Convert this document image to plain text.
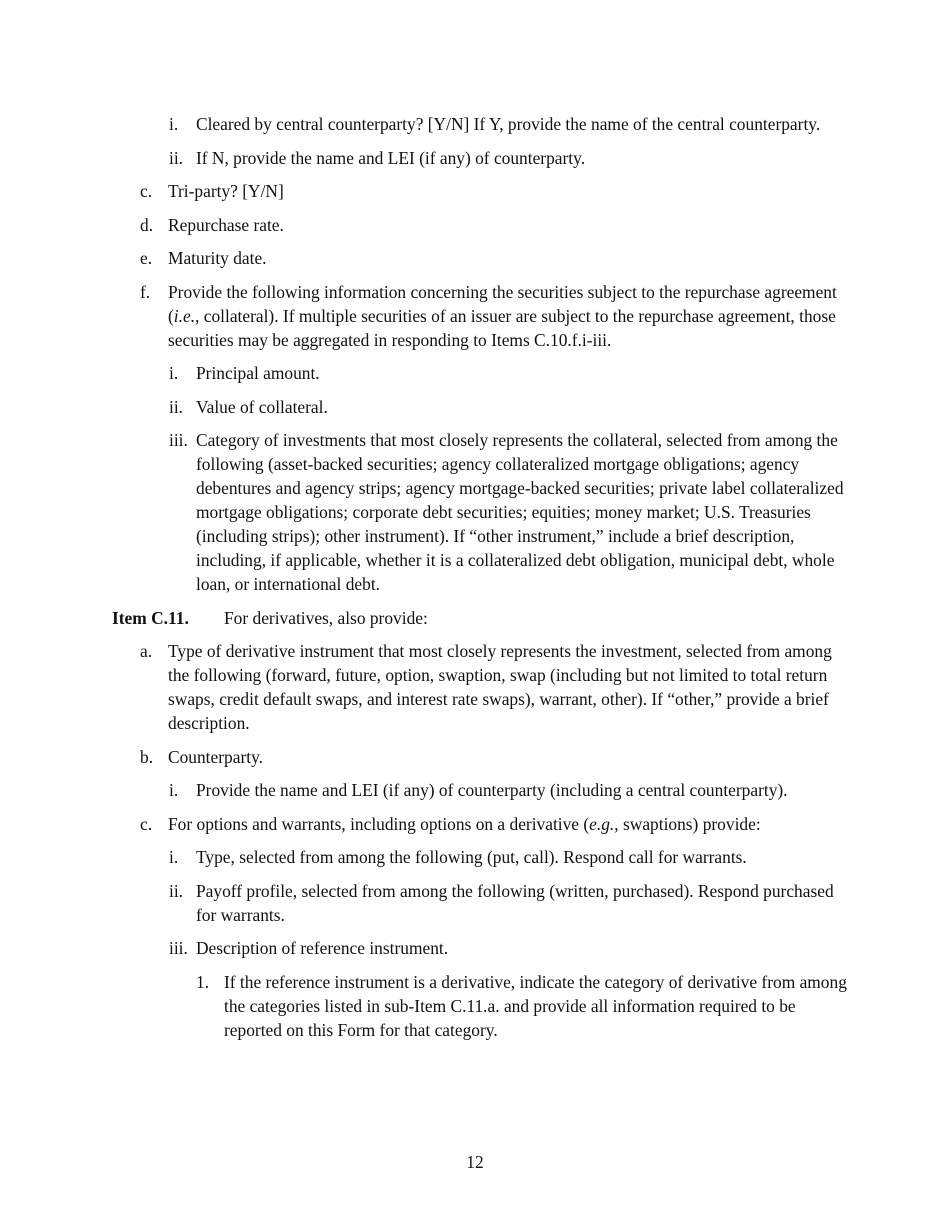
i. Cleared by central counterparty? [Y/N] If Y, provide the name of the central counterparty.
ii. If N, provide the name and LEI (if any) of counterparty.
c. Tri-party? [Y/N]
d. Repurchase rate.
e. Maturity date.
f. Provide the following information concerning the securities subject to the repurchase agreement (i.e., collateral). If multiple securities of an issuer are subject to the repurchase agreement, those securities may be aggregated in responding to Items C.10.f.i-iii.
i. Principal amount.
ii. Value of collateral.
iii. Category of investments that most closely represents the collateral, selected from among the following (asset-backed securities; agency collateralized mortgage obligations; agency debentures and agency strips; agency mortgage-backed securities; private label collateralized mortgage obligations; corporate debt securities; equities; money market; U.S. Treasuries (including strips); other instrument). If “other instrument,” include a brief description, including, if applicable, whether it is a collateralized debt obligation, municipal debt, whole loan, or international debt.
Item C.11. For derivatives, also provide:
a. Type of derivative instrument that most closely represents the investment, selected from among the following (forward, future, option, swaption, swap (including but not limited to total return swaps, credit default swaps, and interest rate swaps), warrant, other). If “other,” provide a brief description.
b. Counterparty.
i. Provide the name and LEI (if any) of counterparty (including a central counterparty).
c. For options and warrants, including options on a derivative (e.g., swaptions) provide:
i. Type, selected from among the following (put, call). Respond call for warrants.
ii. Payoff profile, selected from among the following (written, purchased). Respond purchased for warrants.
iii. Description of reference instrument.
1. If the reference instrument is a derivative, indicate the category of derivative from among the categories listed in sub-Item C.11.a. and provide all information required to be reported on this Form for that category.
12
